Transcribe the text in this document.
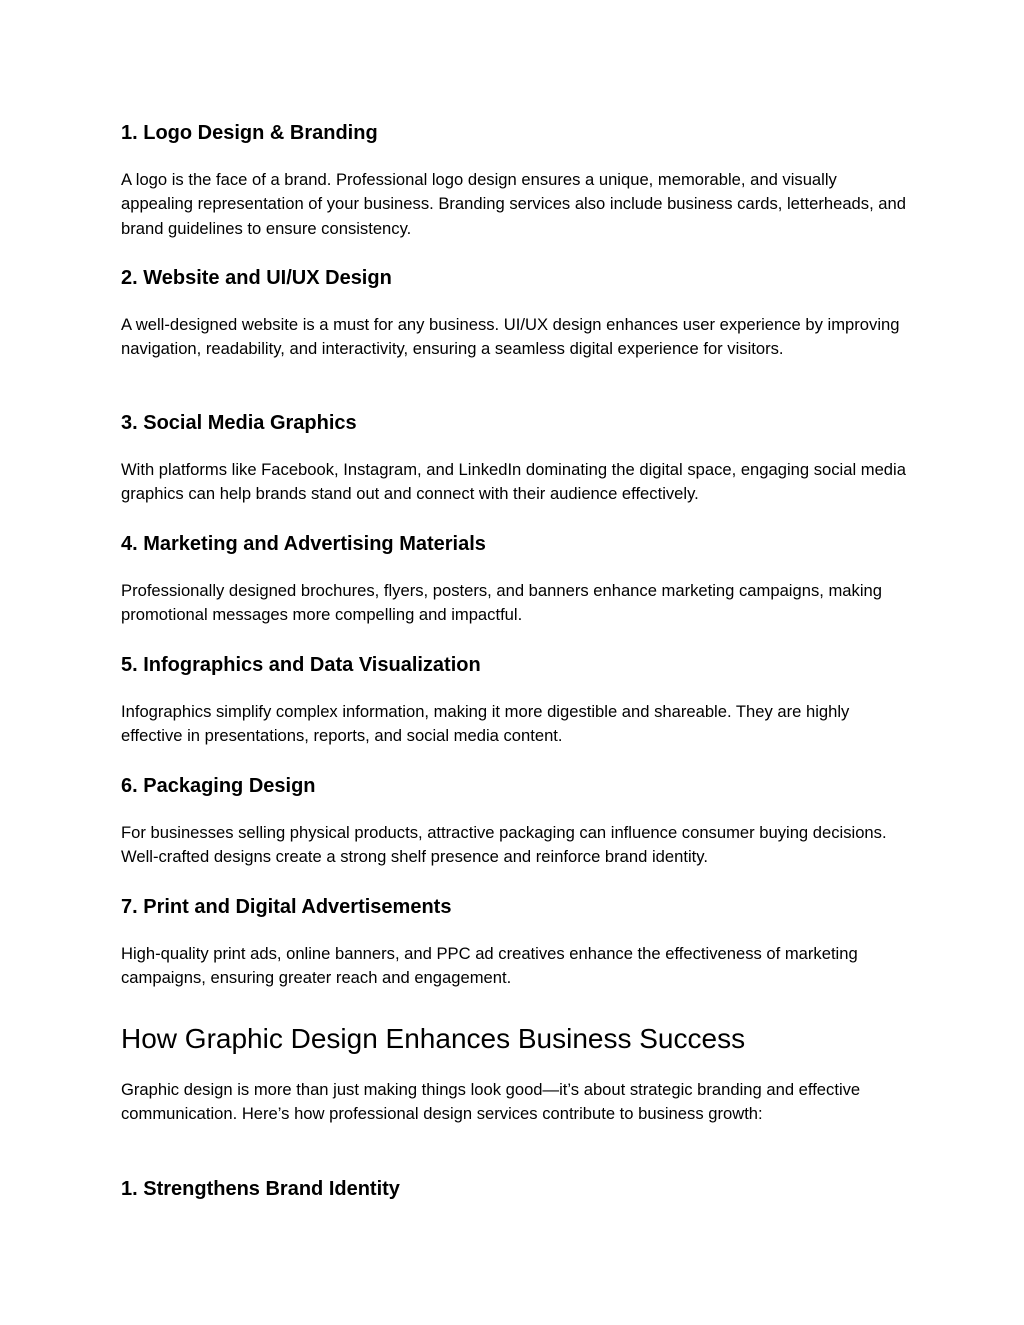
1. Logo Design & Branding

A logo is the face of a brand. Professional logo design ensures a unique, memorable, and visually appealing representation of your business. Branding services also include business cards, letterheads, and brand guidelines to ensure consistency.

2. Website and UI/UX Design

A well-designed website is a must for any business. UI/UX design enhances user experience by improving navigation, readability, and interactivity, ensuring a seamless digital experience for visitors.

3. Social Media Graphics

With platforms like Facebook, Instagram, and LinkedIn dominating the digital space, engaging social media graphics can help brands stand out and connect with their audience effectively.

4. Marketing and Advertising Materials

Professionally designed brochures, flyers, posters, and banners enhance marketing campaigns, making promotional messages more compelling and impactful.

5. Infographics and Data Visualization

Infographics simplify complex information, making it more digestible and shareable. They are highly effective in presentations, reports, and social media content.

6. Packaging Design

For businesses selling physical products, attractive packaging can influence consumer buying decisions. Well-crafted designs create a strong shelf presence and reinforce brand identity.

7. Print and Digital Advertisements

High-quality print ads, online banners, and PPC ad creatives enhance the effectiveness of marketing campaigns, ensuring greater reach and engagement.

How Graphic Design Enhances Business Success

Graphic design is more than just making things look good—it’s about strategic branding and effective communication. Here’s how professional design services contribute to business growth:

1. Strengthens Brand Identity
